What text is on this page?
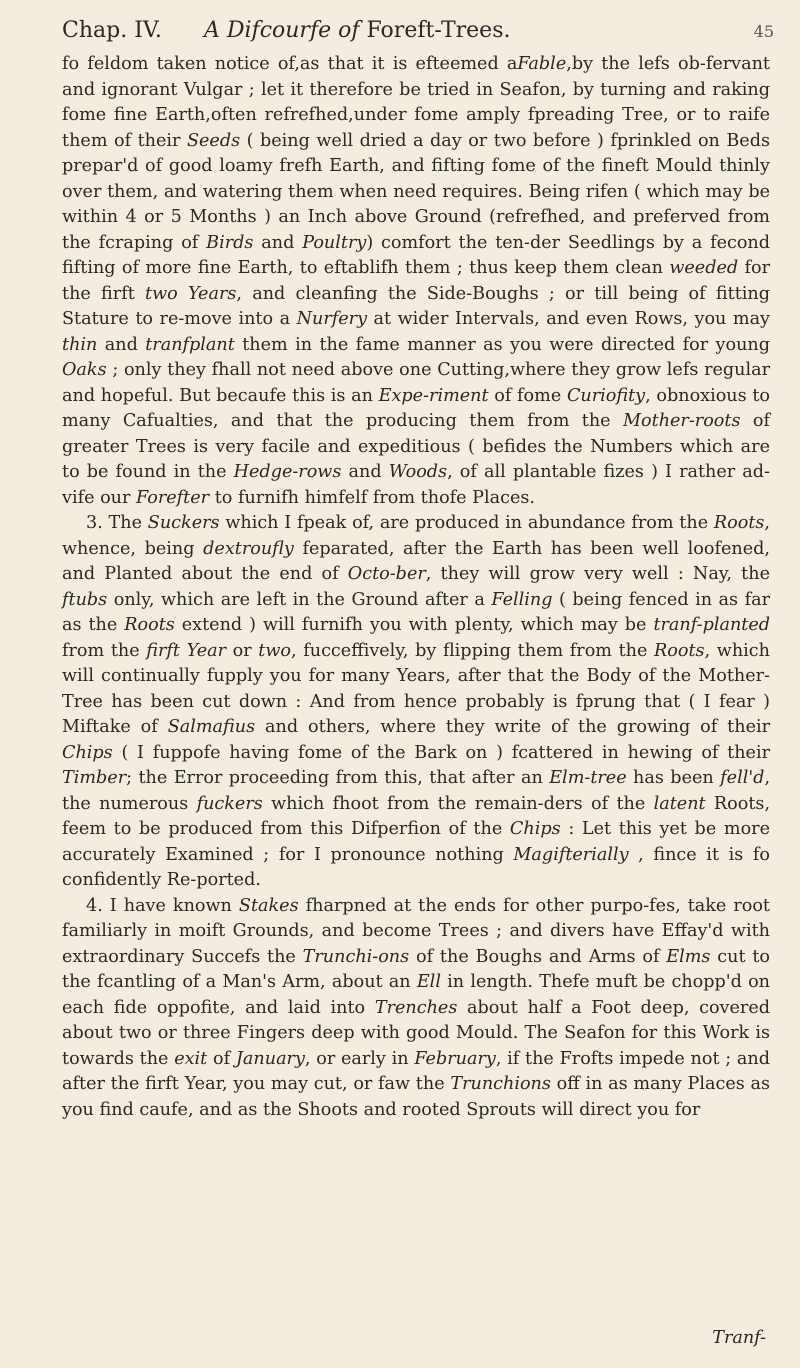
Chap. IV. A Difcourfe of Foreft-Trees.	45

fo feldom taken notice of,as that it is efteemed aFable,by the lefs ob-fervant and ignorant Vulgar ; let it therefore be tried in Seafon, by turning and raking fome fine Earth,often refrefhed,under fome amply fpreading Tree, or to raife them of their Seeds ( being well dried a day or two before ) fprinkled on Beds prepar'd of good loamy frefh Earth, and fifting fome of the fineft Mould thinly over them, and watering them when need requires. Being rifen ( which may be within 4 or 5 Months ) an Inch above Ground (refrefhed, and preferved from the fcraping of Birds and Poultry) comfort the ten-der Seedlings by a fecond fifting of more fine Earth, to eftablifh them ; thus keep them clean weeded for the firft two Years, and cleanfing the Side-Boughs ; or till being of fitting Stature to re-move into a Nurfery at wider Intervals, and even Rows, you may thin and tranfplant them in the fame manner as you were directed for young Oaks ; only they fhall not need above one Cutting,where they grow lefs regular and hopeful. But becaufe this is an Expe-riment of fome Curiofity, obnoxious to many Cafualties, and that the producing them from the Mother-roots of greater Trees is very facile and expeditious ( befides the Numbers which are to be found in the Hedge-rows and Woods, of all plantable fizes ) I rather ad-vife our Forefter to furnifh himfelf from thofe Places.

3. The Suckers which I fpeak of, are produced in abundance from the Roots, whence, being dextroufly feparated, after the Earth has been well loofened, and Planted about the end of Octo-ber, they will grow very well : Nay, the ftubs only, which are left in the Ground after a Felling ( being fenced in as far as the Roots extend ) will furnifh you with plenty, which may be tranf-planted from the firft Year or two, fucceffively, by flipping them from the Roots, which will continually fupply you for many Years, after that the Body of the Mother-Tree has been cut down : And from hence probably is fprung that ( I fear ) Miftake of Salmafius and others, where they write of the growing of their Chips ( I fuppofe having fome of the Bark on ) fcattered in hewing of their Timber; the Error proceeding from this, that after an Elm-tree has been fell'd, the numerous fuckers which fhoot from the remain-ders of the latent Roots, feem to be produced from this Difperfion of the Chips : Let this yet be more accurately Examined ; for I pronounce nothing Magifterially , fince it is fo confidently Re-ported.

4. I have known Stakes fharpned at the ends for other purpo-fes, take root familiarly in moift Grounds, and become Trees ; and divers have Effay'd with extraordinary Succefs the Trunchi-ons of the Boughs and Arms of Elms cut to the fcantling of a Man's Arm, about an Ell in length. Thefe muft be chopp'd on each fide oppofite, and laid into Trenches about half a Foot deep, covered about two or three Fingers deep with good Mould. The Seafon for this Work is towards the exit of January, or early in February, if the Frofts impede not ; and after the firft Year, you may cut, or faw the Trunchions off in as many Places as you find caufe, and as the Shoots and rooted Sprouts will direct you for

Tranf-
